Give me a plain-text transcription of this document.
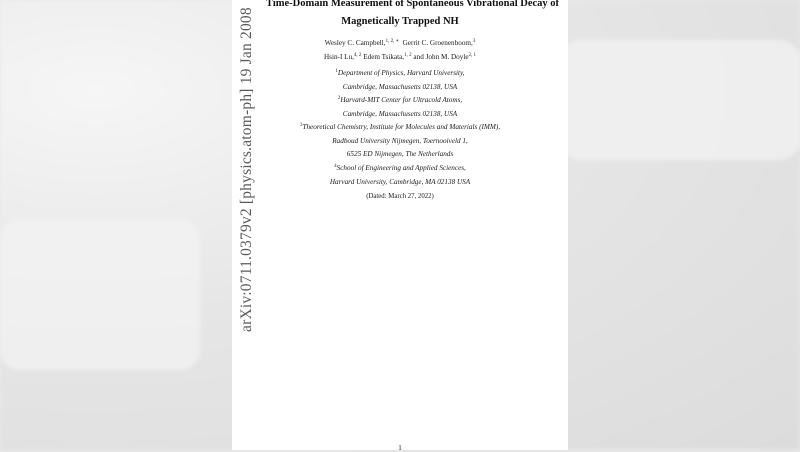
Time-Domain Measurement of Spontaneous Vibrational Decay of
Magnetically Trapped NH
Wesley C. Campbell,$^{1, 2, ∗}$ Gerrit C. Groenenboom,$^3$
Hsin-I Lu,$^{4, 2}$ Edem Tsikata,$^{1, 2}$ and John M. Doyle$^{2, 1}$
$^1$Department of Physics, Harvard University,
Cambridge, Massachusetts 02138, USA
$^2$Harvard-MIT Center for Ultracold Atoms,
Cambridge, Massachusetts 02138, USA
$^3$Theoretical Chemistry, Institute for Molecules and Materials (IMM),
Radboud University Nijmegen, Toernooiveld 1,
6525 ED Nijmegen, The Netherlands
$^4$School of Engineering and Applied Sciences,
Harvard University, Cambridge, MA 02138 USA
(Dated: March 27, 2022)
1
arXiv:0711.0379v2 [physics.atom-ph] 19 Jan 2008
